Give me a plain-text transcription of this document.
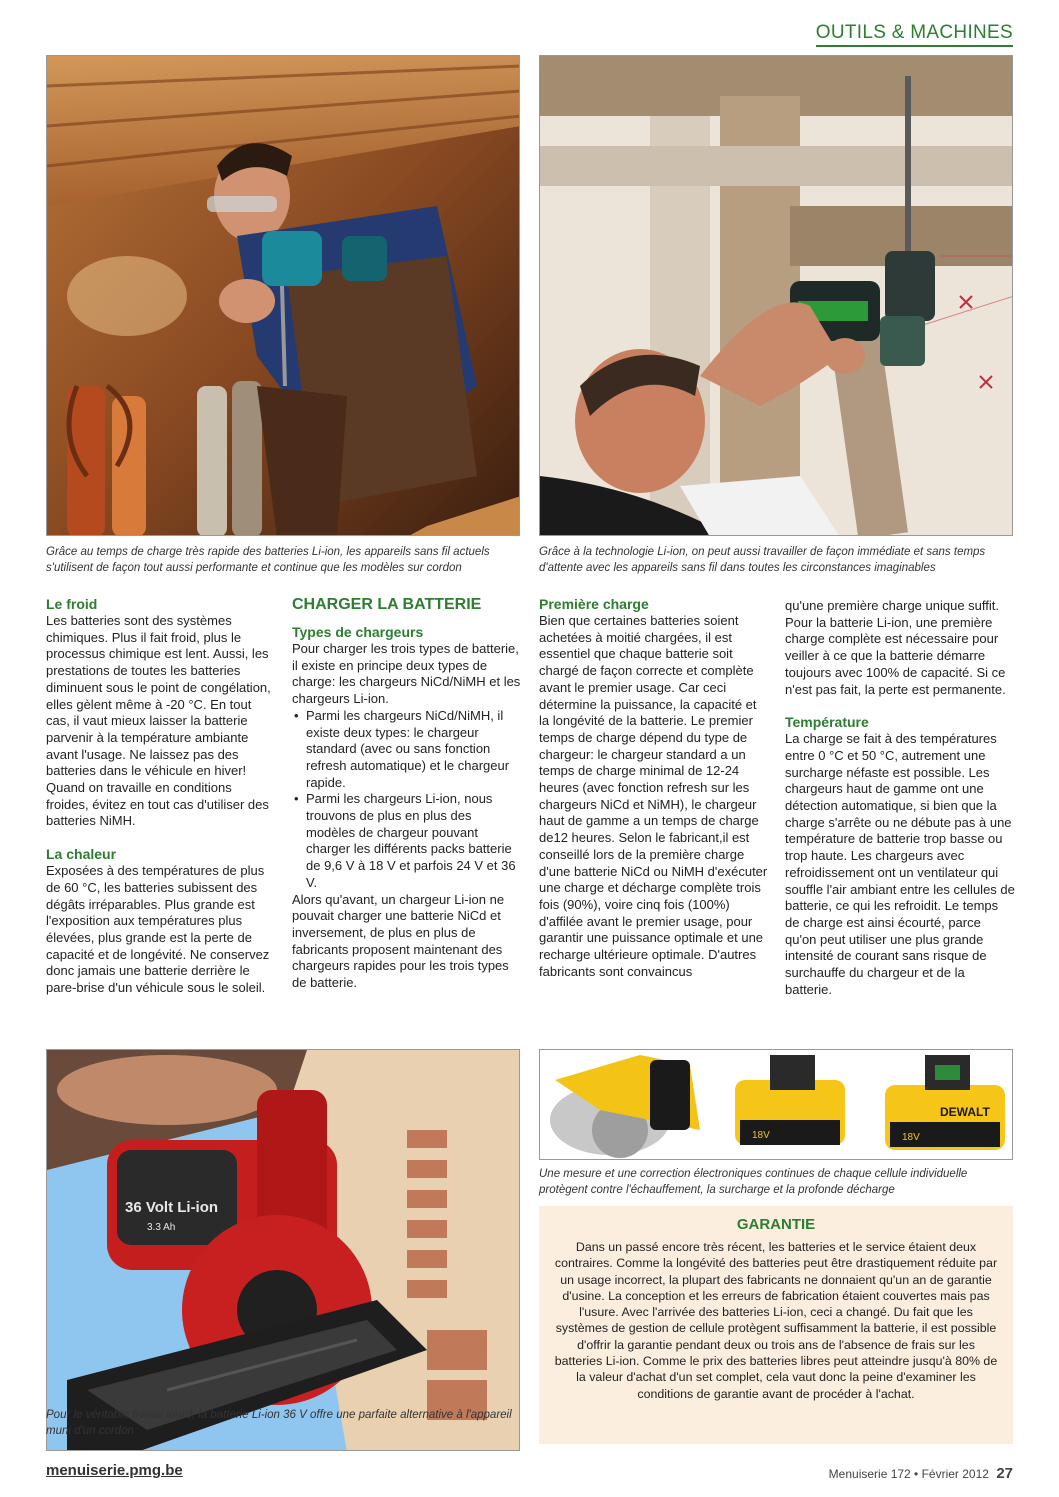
OUTILS & MACHINES
Grâce au temps de charge très rapide des batteries Li-ion, les appareils sans fil actuels s'utilisent de façon tout aussi performante et continue que les modèles sur cordon
Grâce à la technologie Li-ion, on peut aussi travailler de façon immédiate et sans temps d'attente avec les appareils sans fil dans toutes les circonstances imaginables
Le froid

Les batteries sont des systèmes chimiques. Plus il fait froid, plus le processus chimique est lent. Aussi, les prestations de toutes les batteries diminuent sous le point de congélation, elles gèlent même à -20 °C. En tout cas, il vaut mieux laisser la batterie parvenir à la température ambiante avant l'usage. Ne laissez pas des batteries dans le véhicule en hiver! Quand on travaille en conditions froides, évitez en tout cas d'utiliser des batteries NiMH.

La chaleur

Exposées à des températures de plus de 60 °C, les batteries subissent des dégâts irréparables. Plus grande est l'exposition aux températures plus élevées, plus grande est la perte de capacité et de longévité. Ne conservez donc jamais une batterie derrière le pare-brise d'un véhicule sous le soleil.

CHARGER LA BATTERIE
Types de chargeurs

Pour charger les trois types de batterie, il existe en principe deux types de charge: les chargeurs NiCd/NiMH et les chargeurs Li-ion.

• Parmi les chargeurs NiCd/NiMH, il existe deux types: le chargeur standard (avec ou sans fonction refresh automatique) et le chargeur rapide.
• Parmi les chargeurs Li-ion, nous trouvons de plus en plus des modèles de chargeur pouvant charger les différents packs batterie de 9,6 V à 18 V et parfois 24 V et 36 V.

Alors qu'avant, un chargeur Li-ion ne pouvait charger une batterie NiCd et inversement, de plus en plus de fabricants proposent maintenant des chargeurs rapides pour les trois types de batterie.

Première charge

Bien que certaines batteries soient achetées à moitié chargées, il est essentiel que chaque batterie soit chargé de façon correcte et complète avant le premier usage. Car ceci détermine la puissance, la capacité et la longévité de la batterie. Le premier temps de charge dépend du type de chargeur: le chargeur standard a un temps de charge minimal de 12-24 heures (avec fonction refresh sur les chargeurs NiCd et NiMH), le chargeur haut de gamme a un temps de charge de12 heures. Selon le fabricant,il est conseillé lors de la première charge d'une batterie NiCd ou NiMH d'exécuter une charge et décharge complète trois fois (90%), voire cinq fois (100%) d'affilée avant le premier usage, pour garantir une puissance optimale et une recharge ultérieure optimale. D'autres fabricants sont convaincus

qu'une première charge unique suffit. Pour la batterie Li-ion, une première charge complète est nécessaire pour veiller à ce que la batterie démarre toujours avec 100% de capacité. Si ce n'est pas fait, la perte est permanente.

Température

La charge se fait à des températures entre 0 °C et 50 °C, autrement une surcharge néfaste est possible. Les chargeurs haut de gamme ont une détection automatique, si bien que la charge s'arrête ou ne débute pas à une température de batterie trop basse ou trop haute. Les chargeurs avec refroidissement ont un ventilateur qui souffle l'air ambiant entre les cellules de batterie, ce qui les refroidit. Le temps de charge est ainsi écourté, parce qu'on peut utiliser une plus grande intensité de courant sans risque de surchauffe du chargeur et de la batterie.

36 Volt Li-ion
3.3 Ah
Pour le véritable travail lourd, la batterie Li-ion 36 V offre une parfaite alternative à l'appareil muni d'un cordon
18V
DEWALT
18V
Une mesure et une correction électroniques continues de chaque cellule individuelle protègent contre l'échauffement, la surcharge et la profonde décharge
GARANTIE
Dans un passé encore très récent, les batteries et le service étaient deux contraires. Comme la longévité des batteries peut être drastiquement réduite par un usage incorrect, la plupart des fabricants ne donnaient qu'un an de garantie d'usine. La conception et les erreurs de fabrication étaient couvertes mais pas l'usure. Avec l'arrivée des batteries Li-ion, ceci a changé. Du fait que les systèmes de gestion de cellule protègent suffisamment la batterie, il est possible d'offrir la garantie pendant deux ou trois ans de l'absence de frais sur les batteries Li-ion. Comme le prix des batteries libres peut atteindre jusqu'à 80% de la valeur d'achat d'un set complet, cela vaut donc la peine d'examiner les conditions de garantie avant de procéder à l'achat.
menuiserie.pmg.be	Menuiserie 172 • Février 2012 27
